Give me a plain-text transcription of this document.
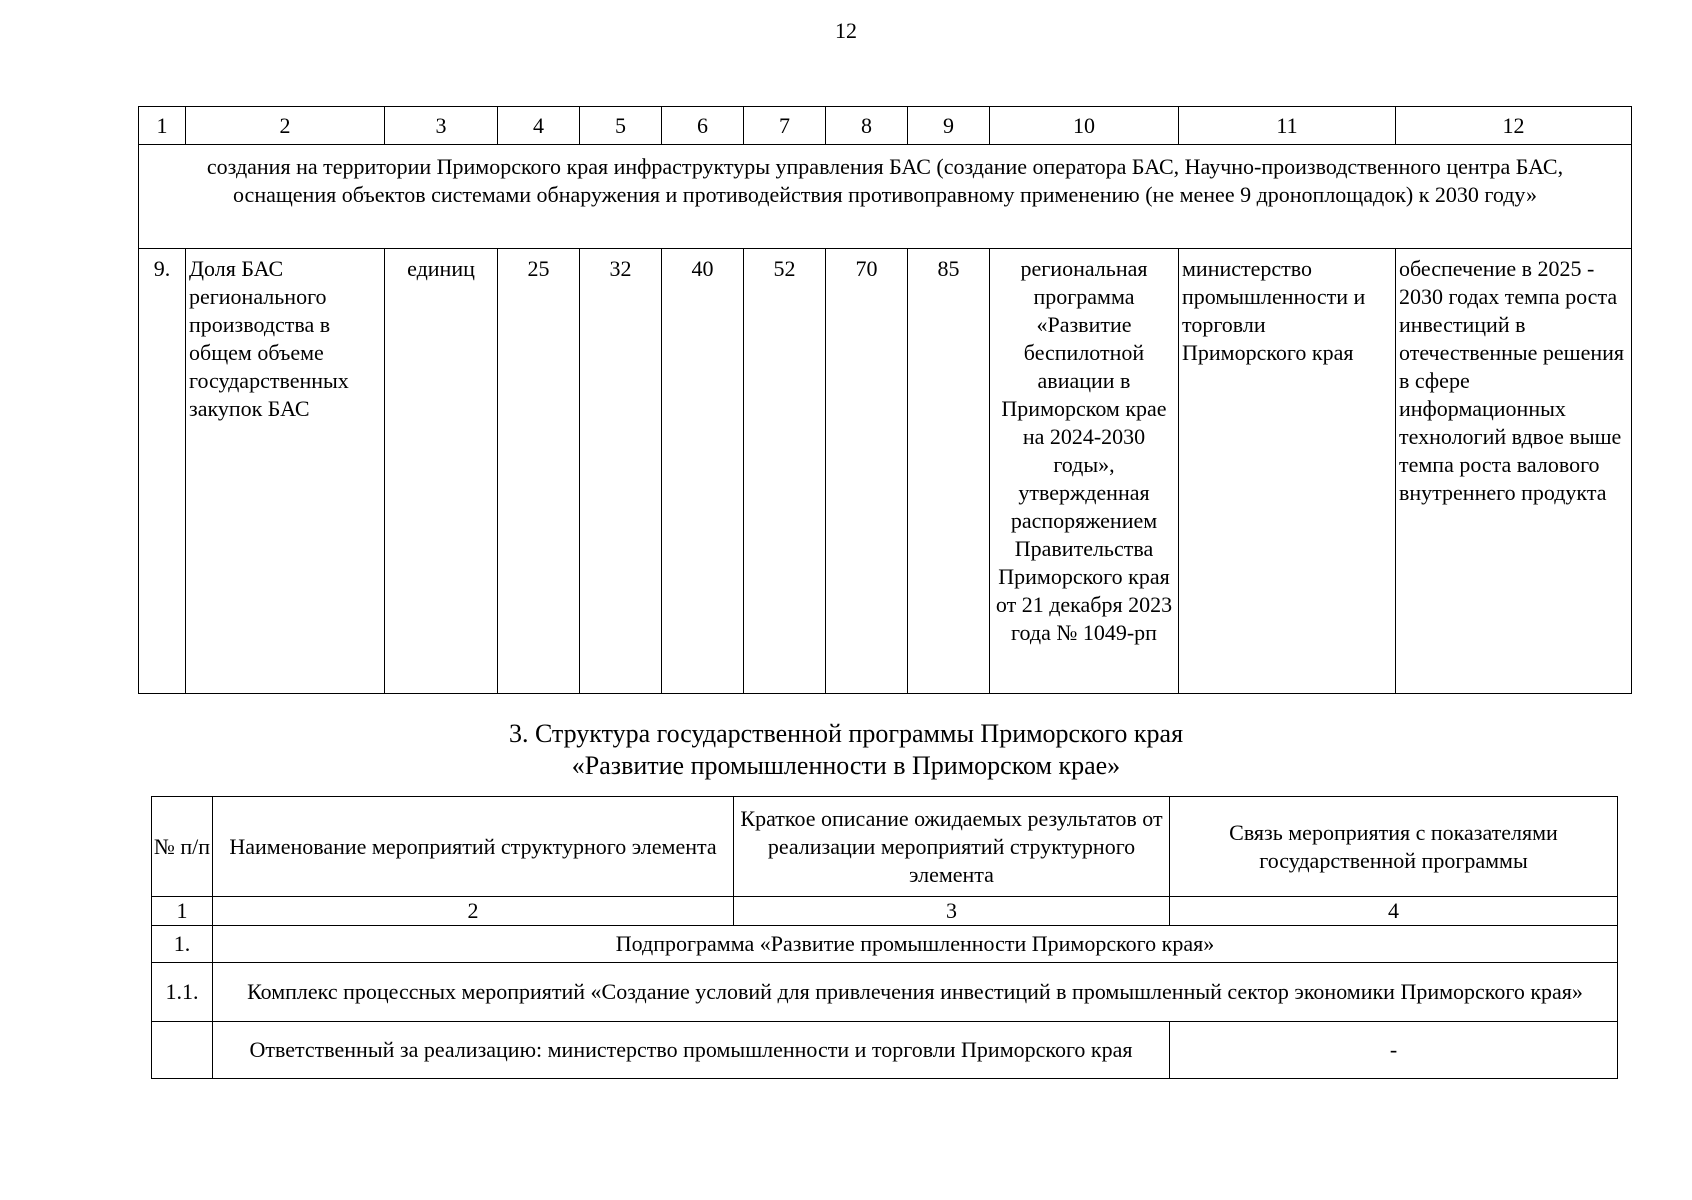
12
1	2	3	4	5	6	7	8	9	10	11	12
создания на территории Приморского края инфраструктуры управления БАС (создание оператора БАС, Научно-производственного центра БАС, оснащения объектов системами обнаружения и противодействия противоправному применению (не менее 9 дроноплощадок) к 2030 году»											
9.	Доля БАС регионального производства в общем объеме государственных закупок БАС	единиц	25	32	40	52	70	85	региональная программа «Развитие беспилотной авиации в Приморском крае на 2024-2030 годы», утвержденная распоряжением Правительства Приморского края от 21 декабря 2023 года № 1049-рп	министерство промышленности и торговли Приморского края	обеспечение в 2025 - 2030 годах темпа роста инвестиций в отечественные решения в сфере информационных технологий вдвое выше темпа роста валового внутреннего продукта
3. Структура государственной программы Приморского края
«Развитие промышленности в Приморском крае»
№ п/п	Наименование мероприятий структурного элемента	Краткое описание ожидаемых результатов от реализации мероприятий структурного элемента	Связь мероприятия с показателями государственной программы
1	2	3	4
1.	Подпрограмма «Развитие промышленности Приморского края»		
1.1.	Комплекс процессных мероприятий «Создание условий для привлечения инвестиций в промышленный сектор экономики Приморского края»		
	Ответственный за реализацию: министерство промышленности и торговли Приморского края		-
